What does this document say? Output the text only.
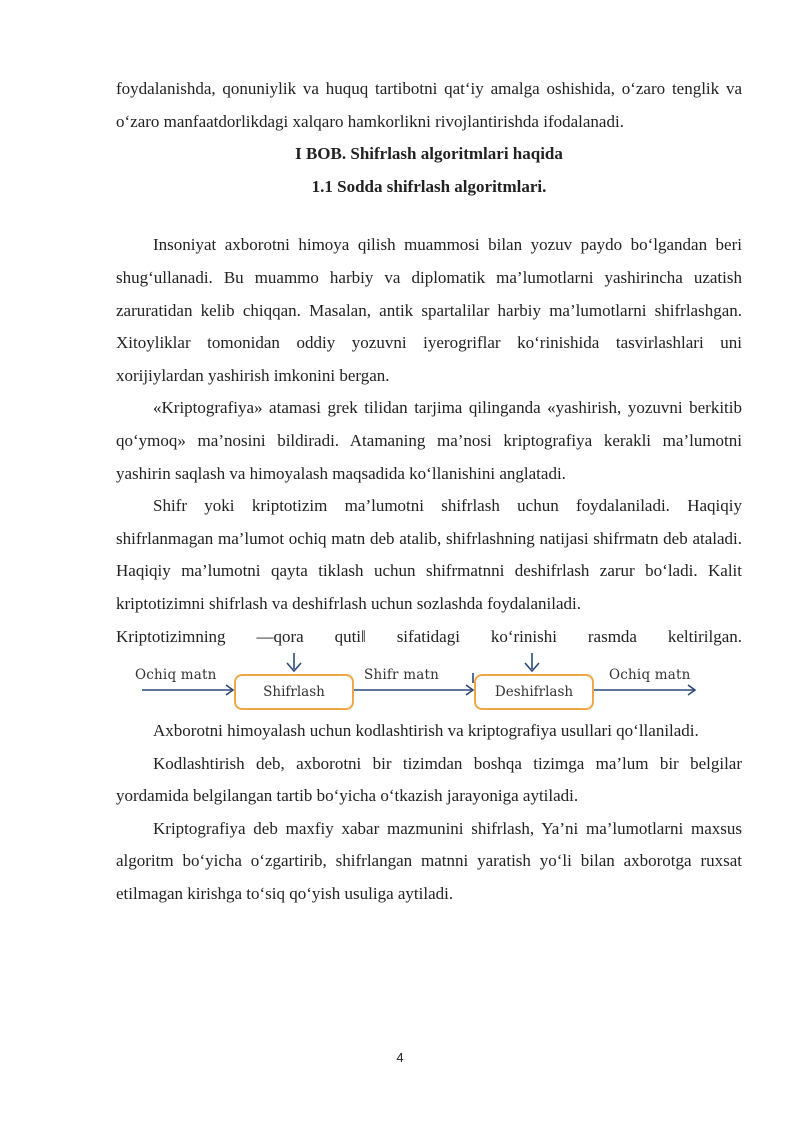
foydalanishda, qonuniylik va huquq tartibotni qat‘iy amalga oshishida, o‘zaro tenglik va o‘zaro manfaatdorlikdagi xalqaro hamkorlikni rivojlantirishda ifodalanadi.

I BOB. Shifrlash algoritmlari haqida

1.1 Sodda shifrlash algoritmlari.

Insoniyat axborotni himoya qilish muammosi bilan yozuv paydo bo‘lgandan beri shug‘ullanadi. Bu muammo harbiy va diplomatik ma’lumotlarni yashirincha uzatish zaruratidan kelib chiqqan. Masalan, antik spartalilar harbiy ma’lumotlarni shifrlashgan. Xitoyliklar tomonidan oddiy yozuvni iyerogriflar ko‘rinishida tasvirlashlari uni xorijiylardan yashirish imkonini bergan.

«Kriptografiya» atamasi grek tilidan tarjima qilinganda «yashirish, yozuvni berkitib qo‘ymoq» ma’nosini bildiradi. Atamaning ma’nosi kriptografiya kerakli ma’lumotni yashirin saqlash va himoyalash maqsadida ko‘llanishini anglatadi.

Shifr yoki kriptotizim ma’lumotni shifrlash uchun foydalaniladi. Haqiqiy shifrlanmagan ma’lumot ochiq matn deb atalib, shifrlashning natijasi shifrmatn deb ataladi. Haqiqiy ma’lumotni qayta tiklash uchun shifrmatnni deshifrlash zarur bo‘ladi. Kalit kriptotizimni shifrlash va deshifrlash uchun sozlashda foydalaniladi.

Kriptotizimning ―qora quti‖ sifatidagi ko‘rinishi rasmda keltirilgan.

Ochiq matn
Shifrlash
Shifr matn
Deshifrlash
Ochiq matn

Axborotni himoyalash uchun kodlashtirish va kriptografiya usullari qo‘llaniladi.

Kodlashtirish deb, axborotni bir tizimdan boshqa tizimga ma’lum bir belgilar yordamida belgilangan tartib bo‘yicha o‘tkazish jarayoniga aytiladi.

Kriptografiya deb maxfiy xabar mazmunini shifrlash, Ya’ni ma’lumotlarni maxsus algoritm bo‘yicha o‘zgartirib, shifrlangan matnni yaratish yo‘li bilan axborotga ruxsat etilmagan kirishga to‘siq qo‘yish usuliga aytiladi.

4
